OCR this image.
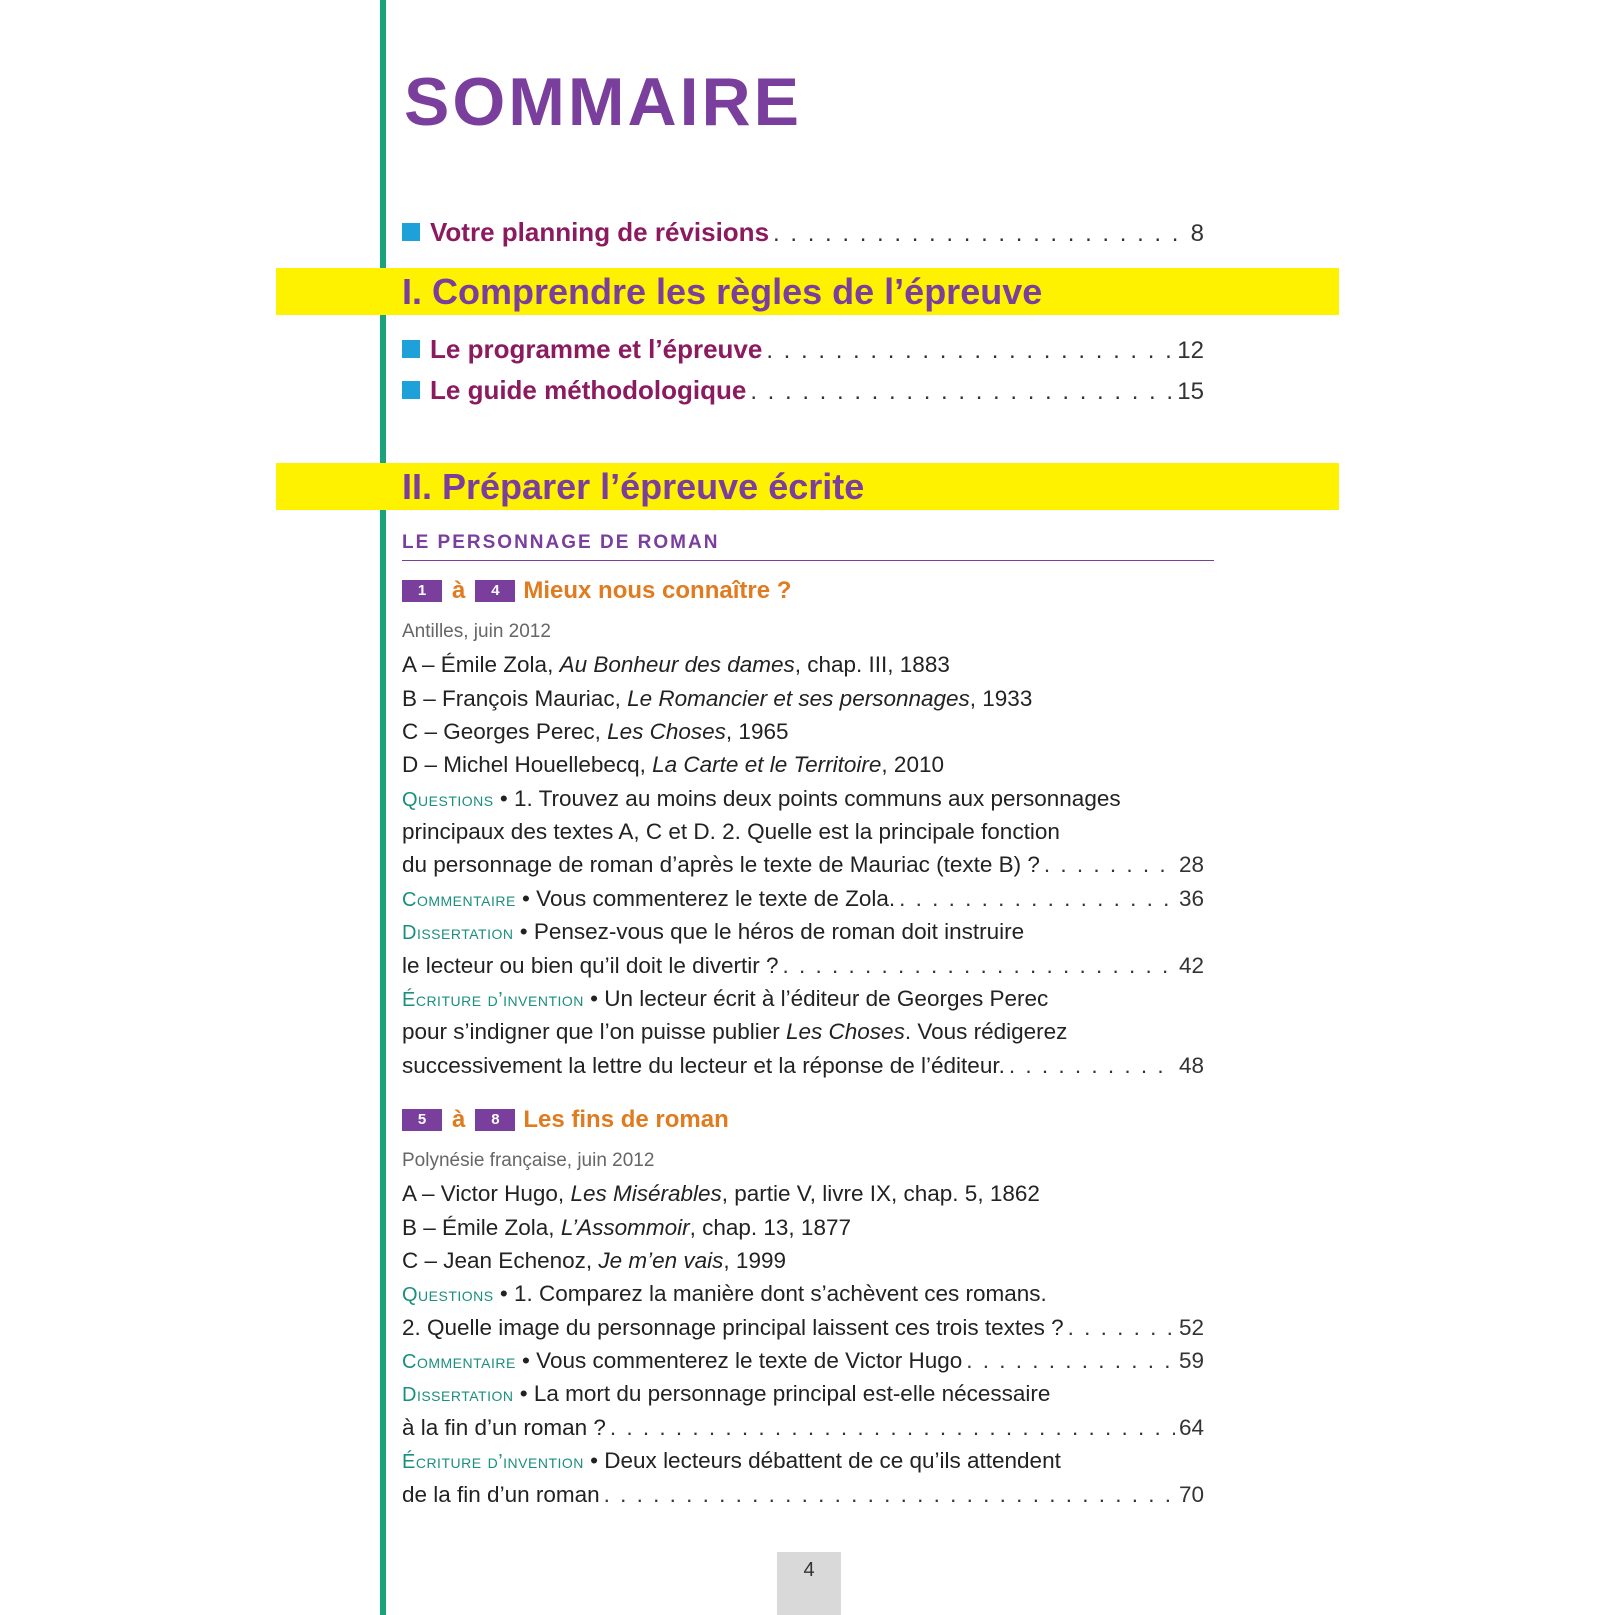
SOMMAIRE
Votre planning de révisions . . .	8
I. Comprendre les règles de l’épreuve
Le programme et l’épreuve . . .	12
Le guide méthodologique . . .	15
II. Préparer l’épreuve écrite
LE PERSONNAGE DE ROMAN
1	à	4 Mieux nous connaître ?
Antilles, juin 2012
A – Émile Zola, Au Bonheur des dames, chap. III, 1883
B – François Mauriac, Le Romancier et ses personnages, 1933
C – Georges Perec, Les Choses, 1965
D – Michel Houellebecq, La Carte et le Territoire, 2010
Questions • 1. Trouvez au moins deux points communs aux personnages
principaux des textes A, C et D. 2. Quelle est la principale fonction
du personnage de roman d’après le texte de Mauriac (texte B) ? . . .	28
Commentaire • Vous commenterez le texte de Zola. . . .	36
Dissertation • Pensez-vous que le héros de roman doit instruire
le lecteur ou bien qu’il doit le divertir ? . . .	42
Écriture d’invention • Un lecteur écrit à l’éditeur de Georges Perec
pour s’indigner que l’on puisse publier Les Choses. Vous rédigerez
successivement la lettre du lecteur et la réponse de l’éditeur. . . .	48
5	à	8 Les fins de roman
Polynésie française, juin 2012
A – Victor Hugo, Les Misérables, partie V, livre IX, chap. 5, 1862
B – Émile Zola, L’Assommoir, chap. 13, 1877
C – Jean Echenoz, Je m’en vais, 1999
Questions • 1. Comparez la manière dont s’achèvent ces romans.
2. Quelle image du personnage principal laissent ces trois textes ? . . .	52
Commentaire • Vous commenterez le texte de Victor Hugo . . .	59
Dissertation • La mort du personnage principal est-elle nécessaire
à la fin d’un roman ? . . .	64
Écriture d’invention • Deux lecteurs débattent de ce qu’ils attendent
de la fin d’un roman . . .	70
4
